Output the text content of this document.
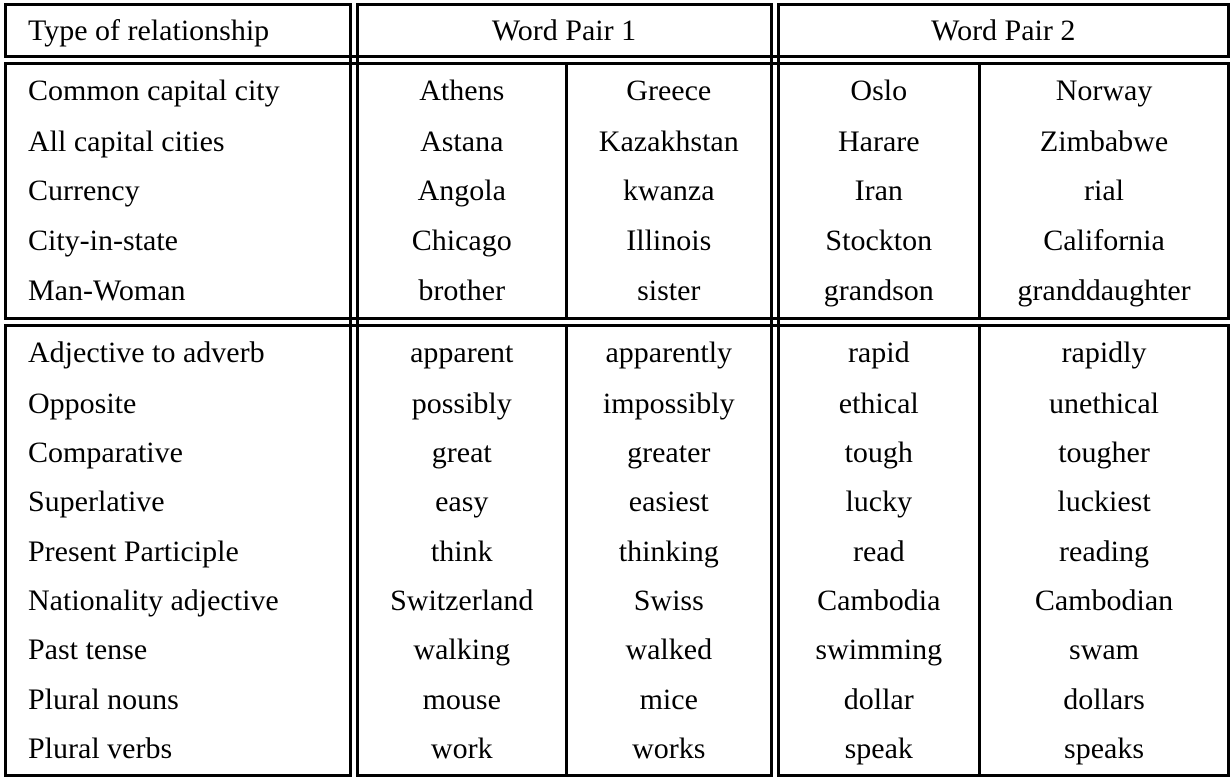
Type of relationship	Word Pair 1		Word Pair 2	
Common capital city	Athens	Greece	Oslo	Norway
All capital cities	Astana	Kazakhstan	Harare	Zimbabwe
Currency	Angola	kwanza	Iran	rial
City-in-state	Chicago	Illinois	Stockton	California
Man-Woman	brother	sister	grandson	granddaughter
Adjective to adverb	apparent	apparently	rapid	rapidly
Opposite	possibly	impossibly	ethical	unethical
Comparative	great	greater	tough	tougher
Superlative	easy	easiest	lucky	luckiest
Present Participle	think	thinking	read	reading
Nationality adjective	Switzerland	Swiss	Cambodia	Cambodian
Past tense	walking	walked	swimming	swam
Plural nouns	mouse	mice	dollar	dollars
Plural verbs	work	works	speak	speaks
